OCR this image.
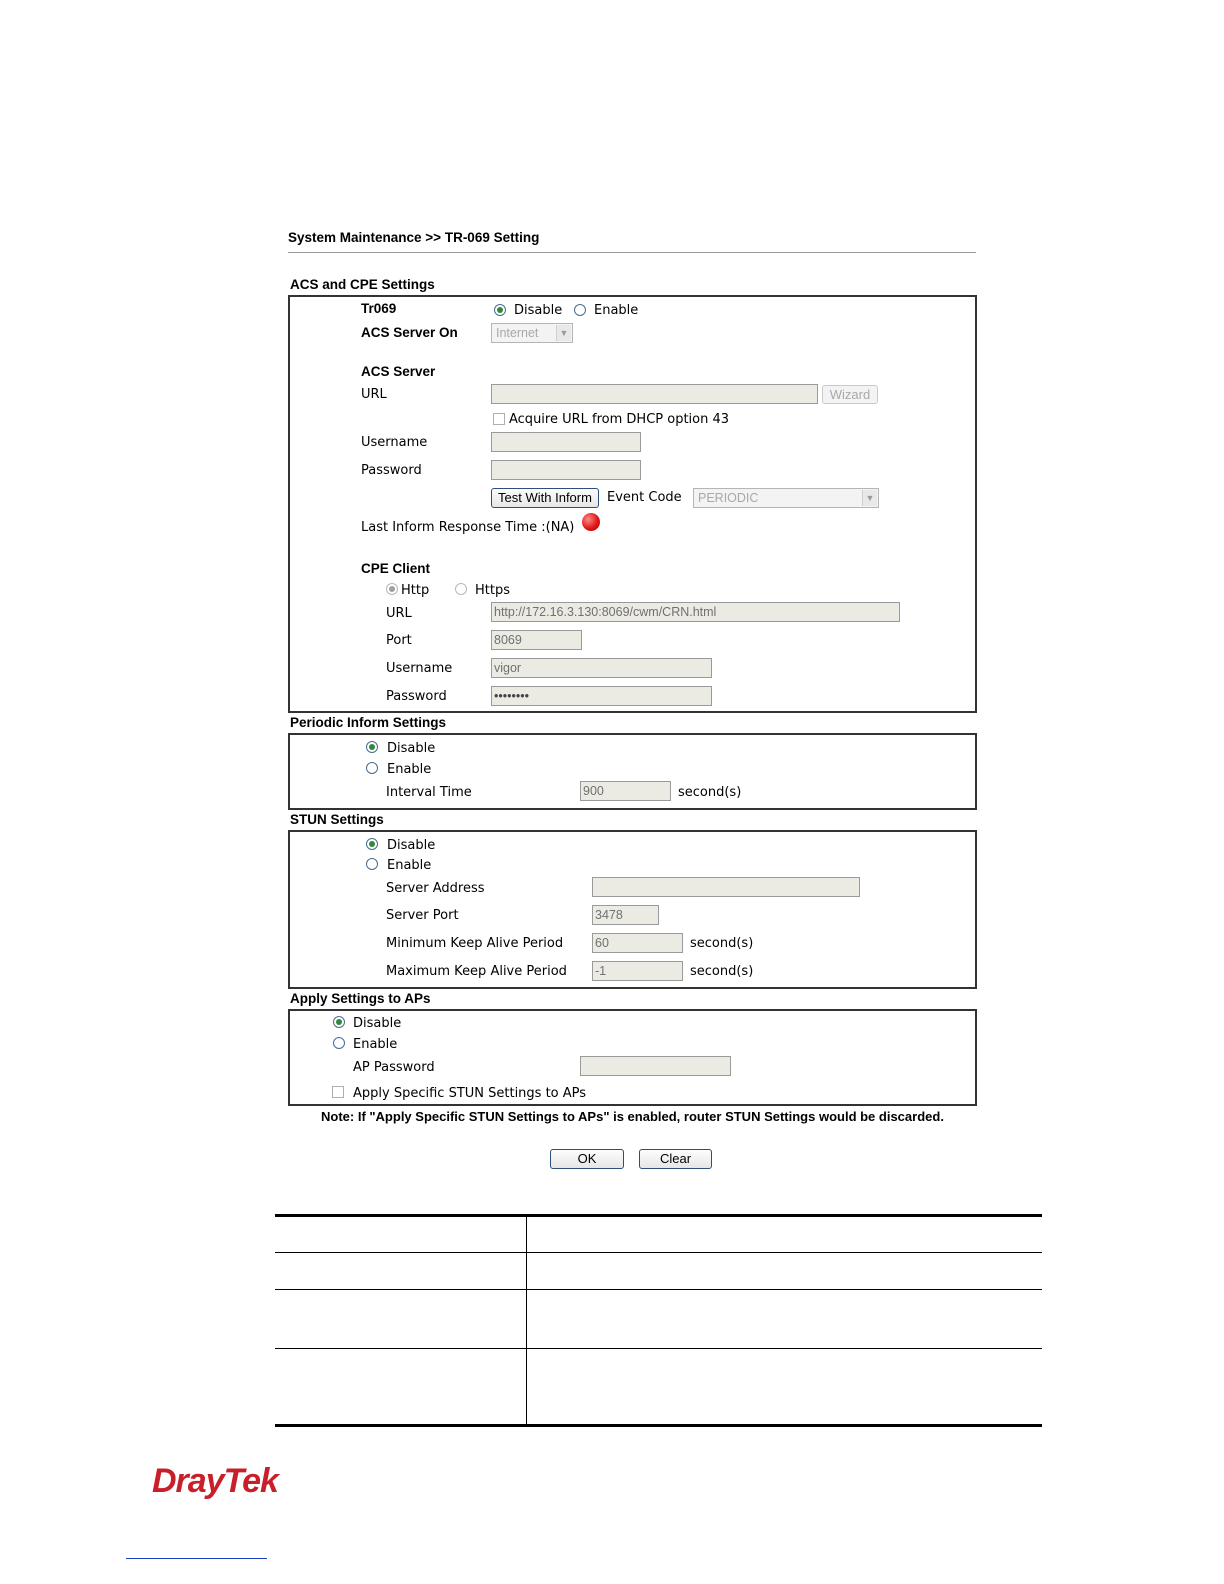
System Maintenance >> TR-069 Setting
ACS and CPE Settings
Tr069	Disable Enable
ACS Server On	Internet	▼
ACS Server
URL	Wizard
Acquire URL from DHCP option 43
Username
Password
Test With Inform	Event Code	PERIODIC	▼
Last Inform Response Time :(NA)
CPE Client
Http	Https
URL	http://172.16.3.130:8069/cwm/CRN.html
Port	8069
Username	vigor
Password	••••••••
Periodic Inform Settings
Disable
Enable
Interval Time	900	second(s)
STUN Settings
Disable
Enable
Server Address
Server Port	3478
Minimum Keep Alive Period	60	second(s)
Maximum Keep Alive Period -1	second(s)
Apply Settings to APs
Disable
Enable
AP Password
Apply Specific STUN Settings to APs
Note: If "Apply Specific STUN Settings to APs" is enabled, router STUN Settings would be discarded.
OK	Clear
DrayTek
